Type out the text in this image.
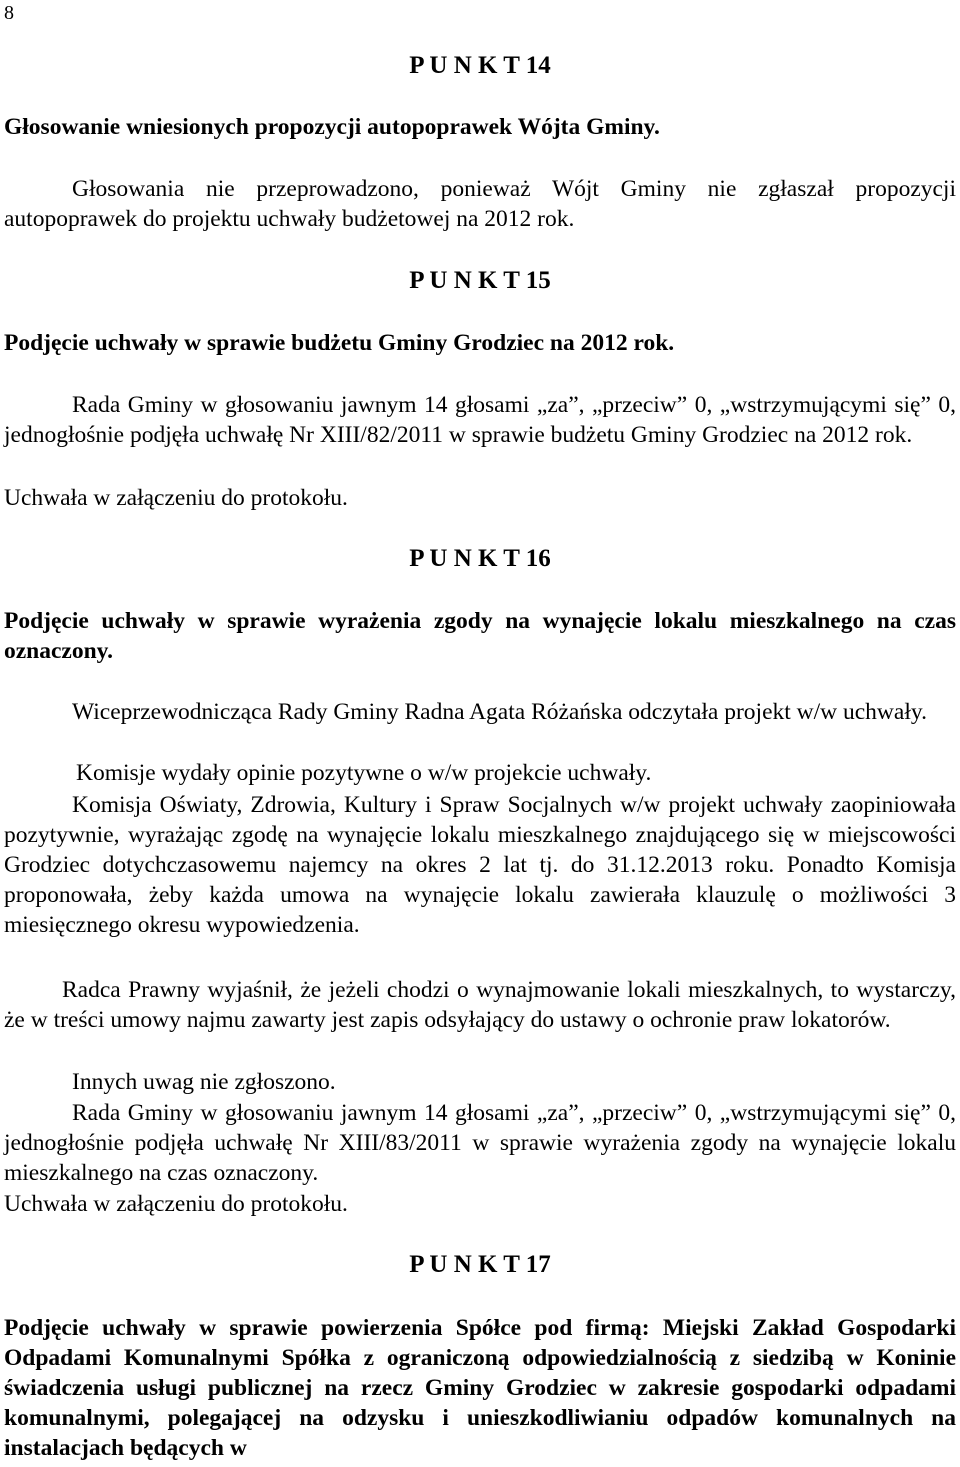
8
P U N K T 14

Głosowanie wniesionych propozycji autopoprawek Wójta Gminy.

Głosowania nie przeprowadzono, ponieważ Wójt Gminy nie zgłaszał propozycji autopoprawek do projektu uchwały budżetowej na 2012 rok.

P U N K T 15

Podjęcie uchwały w sprawie budżetu Gminy Grodziec na 2012 rok.

Rada Gminy w głosowaniu jawnym 14 głosami „za”, „przeciw” 0, „wstrzymującymi się” 0, jednogłośnie podjęła uchwałę Nr XIII/82/2011 w sprawie budżetu Gminy Grodziec na 2012 rok.

Uchwała w załączeniu do protokołu.

P U N K T 16

Podjęcie uchwały w sprawie wyrażenia zgody na wynajęcie lokalu mieszkalnego na czas oznaczony.

Wiceprzewodnicząca Rady Gminy Radna Agata Różańska odczytała projekt w/w uchwały.

Komisje wydały opinie pozytywne o w/w projekcie uchwały.

Komisja Oświaty, Zdrowia, Kultury i Spraw Socjalnych w/w projekt uchwały zaopiniowała pozytywnie, wyrażając zgodę na wynajęcie lokalu mieszkalnego znajdującego się w miejscowości Grodziec dotychczasowemu najemcy na okres 2 lat tj. do 31.12.2013 roku. Ponadto Komisja proponowała, żeby każda umowa na wynajęcie lokalu zawierała klauzulę o możliwości 3 miesięcznego okresu wypowiedzenia.

Radca Prawny wyjaśnił, że jeżeli chodzi o wynajmowanie lokali mieszkalnych, to wystarczy, że w treści umowy najmu zawarty jest zapis odsyłający do ustawy o ochronie praw lokatorów.

Innych uwag nie zgłoszono.

Rada Gminy w głosowaniu jawnym 14 głosami „za”, „przeciw” 0, „wstrzymującymi się” 0, jednogłośnie podjęła uchwałę Nr XIII/83/2011 w sprawie wyrażenia zgody na wynajęcie lokalu mieszkalnego na czas oznaczony.

Uchwała w załączeniu do protokołu.

P U N K T 17

Podjęcie uchwały w sprawie powierzenia Spółce pod firmą: Miejski Zakład Gospodarki Odpadami Komunalnymi Spółka z ograniczoną odpowiedzialnością z siedzibą w Koninie świadczenia usługi publicznej na rzecz Gminy Grodziec w zakresie gospodarki odpadami komunalnymi, polegającej na odzysku i unieszkodliwianiu odpadów komunalnych na instalacjach będących w
